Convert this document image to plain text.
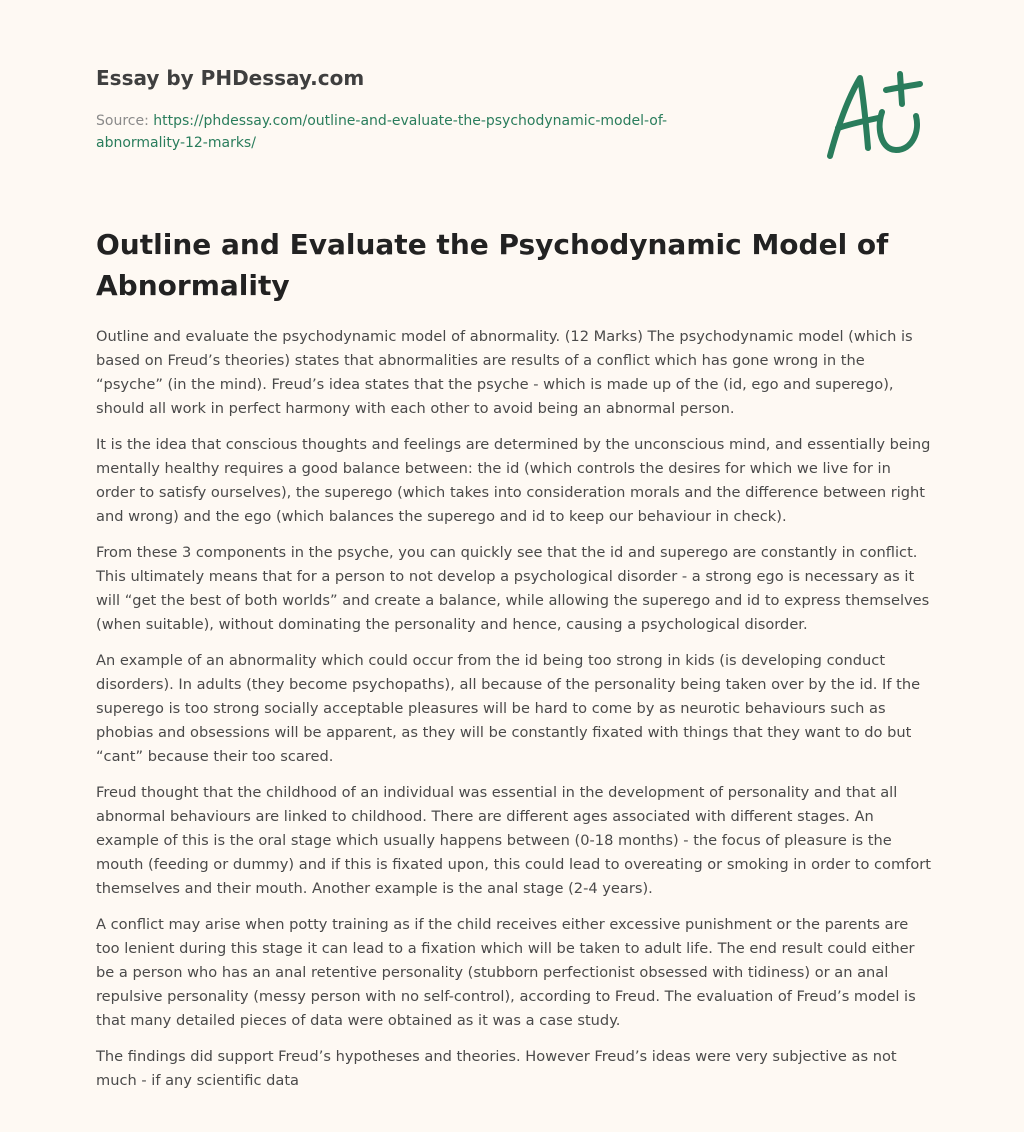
Essay by PHDessay.com
Source: https://phdessay.com/outline-and-evaluate-the-psychodynamic-model-of-abnormality-12-marks/
Outline and Evaluate the Psychodynamic Model of Abnormality

Outline and evaluate the psychodynamic model of abnormality. (12 Marks) The psychodynamic model (which is based on Freud’s theories) states that abnormalities are results of a conflict which has gone wrong in the “psyche” (in the mind). Freud’s idea states that the psyche - which is made up of the (id, ego and superego), should all work in perfect harmony with each other to avoid being an abnormal person.

It is the idea that conscious thoughts and feelings are determined by the unconscious mind, and essentially being mentally healthy requires a good balance between: the id (which controls the desires for which we live for in order to satisfy ourselves), the superego (which takes into consideration morals and the difference between right and wrong) and the ego (which balances the superego and id to keep our behaviour in check).

From these 3 components in the psyche, you can quickly see that the id and superego are constantly in conflict. This ultimately means that for a person to not develop a psychological disorder - a strong ego is necessary as it will “get the best of both worlds” and create a balance, while allowing the superego and id to express themselves (when suitable), without dominating the personality and hence, causing a psychological disorder.

An example of an abnormality which could occur from the id being too strong in kids (is developing conduct disorders). In adults (they become psychopaths), all because of the personality being taken over by the id. If the superego is too strong socially acceptable pleasures will be hard to come by as neurotic behaviours such as phobias and obsessions will be apparent, as they will be constantly fixated with things that they want to do but “cant” because their too scared.

Freud thought that the childhood of an individual was essential in the development of personality and that all abnormal behaviours are linked to childhood. There are different ages associated with different stages. An example of this is the oral stage which usually happens between (0-18 months) - the focus of pleasure is the mouth (feeding or dummy) and if this is fixated upon, this could lead to overeating or smoking in order to comfort themselves and their mouth. Another example is the anal stage (2-4 years).

A conflict may arise when potty training as if the child receives either excessive punishment or the parents are too lenient during this stage it can lead to a fixation which will be taken to adult life. The end result could either be a person who has an anal retentive personality (stubborn perfectionist obsessed with tidiness) or an anal repulsive personality (messy person with no self-control), according to Freud. The evaluation of Freud’s model is that many detailed pieces of data were obtained as it was a case study.

The findings did support Freud’s hypotheses and theories. However Freud’s ideas were very subjective as not much - if any scientific data
